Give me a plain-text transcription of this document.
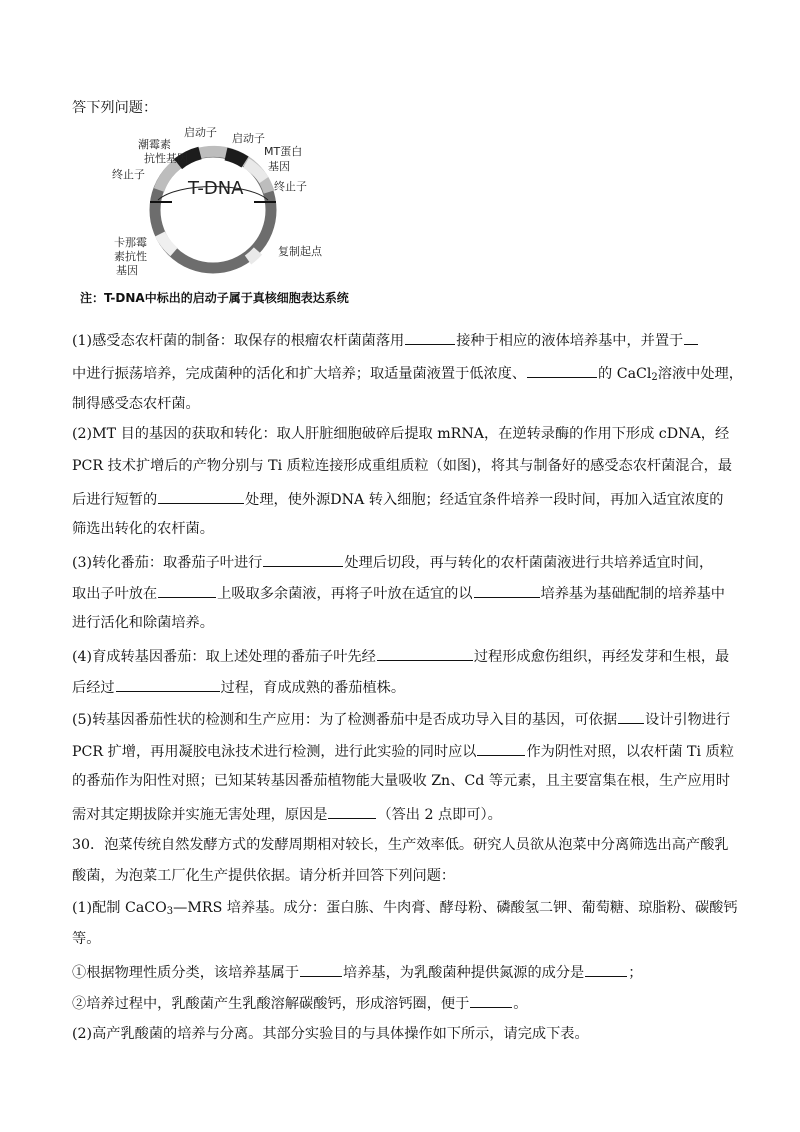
答下列问题：
T-DNA
潮霉素
抗性基因
终止子
启动子 启动子
MT蛋白
基因
终止子
卡那霉
素抗性
基因
复制起点
注：T-DNA中标出的启动子属于真核细胞表达系统
(1)感受态农杆菌的制备：取保存的根瘤农杆菌菌落用	接种于相应的液体培养基中，并置于
中进行振荡培养，完成菌种的活化和扩大培养；取适量菌液置于低浓度、	的 CaCl$_2$溶液中处理，
制得感受态农杆菌。
(2)MT 目的基因的获取和转化：取人肝脏细胞破碎后提取 mRNA，在逆转录酶的作用下形成 cDNA，经
PCR 技术扩增后的产物分别与 Ti 质粒连接形成重组质粒（如图)，将其与制备好的感受态农杆菌混合，最
后进行短暂的	处理，使外源DNA 转入细胞；经适宜条件培养一段时间，再加入适宜浓度的
筛选出转化的农杆菌。
(3)转化番茄：取番茄子叶进行	处理后切段，再与转化的农杆菌菌液进行共培养适宜时间，
取出子叶放在	上吸取多余菌液，再将子叶放在适宜的以	培养基为基础配制的培养基中
进行活化和除菌培养。
(4)育成转基因番茄：取上述处理的番茄子叶先经	过程形成愈伤组织，再经发芽和生根，最
后经过	过程，育成成熟的番茄植株。
(5)转基因番茄性状的检测和生产应用：为了检测番茄中是否成功导入目的基因，可依据 设计引物进行
PCR 扩增，再用凝胶电泳技术进行检测，进行此实验的同时应以	作为阴性对照，以农杆菌 Ti 质粒
的番茄作为阳性对照；已知某转基因番茄植物能大量吸收 Zn、Cd 等元素，且主要富集在根，生产应用时
需对其定期拔除并实施无害处理，原因是	（答出 2 点即可）。
30．泡菜传统自然发酵方式的发酵周期相对较长，生产效率低。研究人员欲从泡菜中分离筛选出高产酸乳
酸菌，为泡菜工厂化生产提供依据。请分析并回答下列问题：
(1)配制 CaCO$_3$—MRS 培养基。成分：蛋白胨、牛肉膏、酵母粉、磷酸氢二钾、葡萄糖、琼脂粉、碳酸钙
等。
①根据物理性质分类，该培养基属于	培养基，为乳酸菌种提供氮源的成分是	；
②培养过程中，乳酸菌产生乳酸溶解碳酸钙，形成溶钙圈，便于	。
(2)高产乳酸菌的培养与分离。其部分实验目的与具体操作如下所示，请完成下表。
